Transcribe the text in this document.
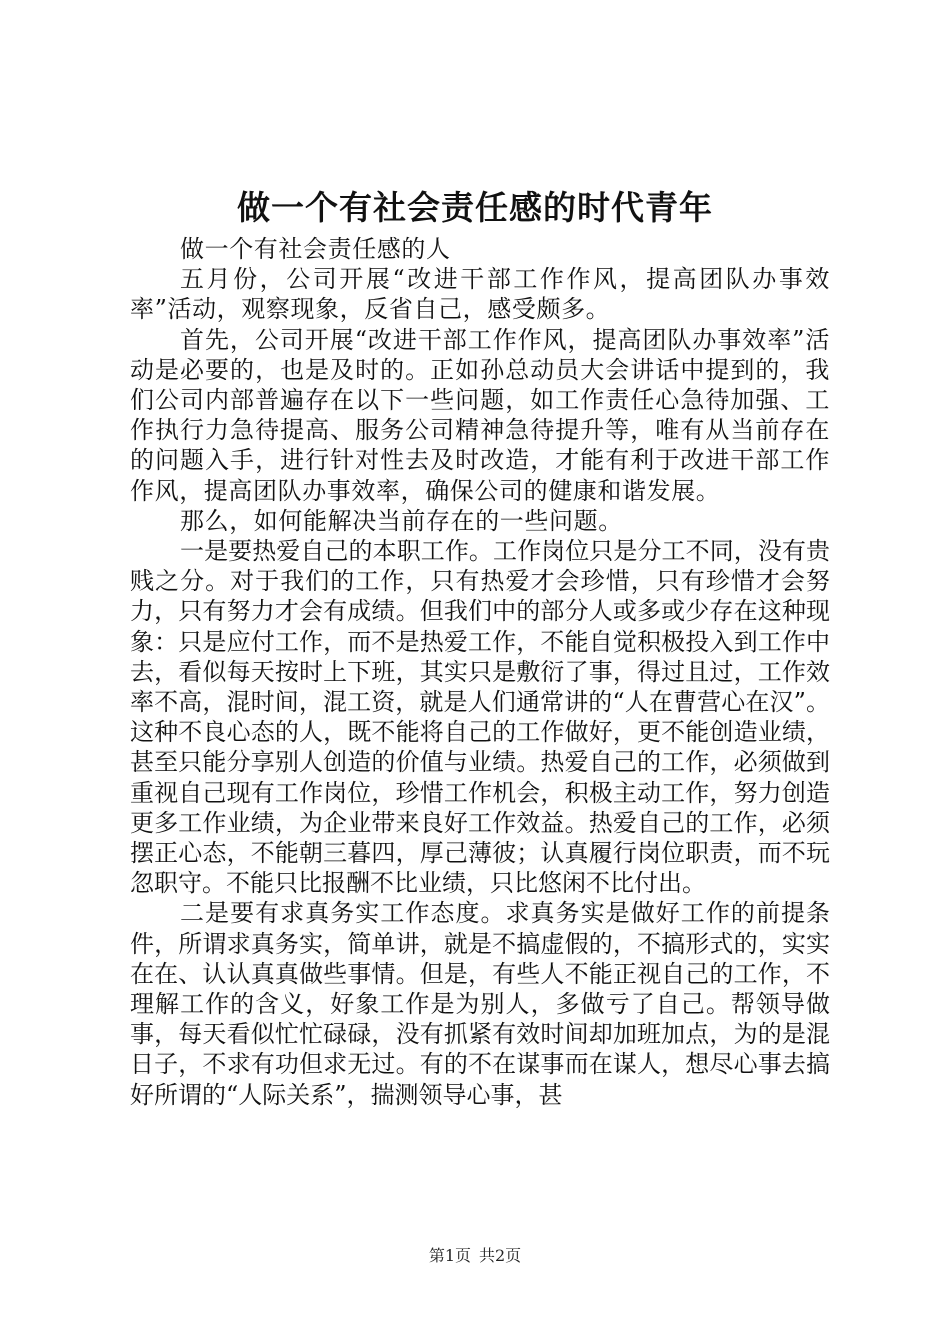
做一个有社会责任感的时代青年

做一个有社会责任感的人

五月份，公司开展“改进干部工作作风，提高团队办事效率”活动，观察现象，反省自己，感受颇多。

首先，公司开展“改进干部工作作风，提高团队办事效率”活动是必要的，也是及时的。正如孙总动员大会讲话中提到的，我们公司内部普遍存在以下一些问题，如工作责任心急待加强、工作执行力急待提高、服务公司精神急待提升等，唯有从当前存在的问题入手，进行针对性去及时改造，才能有利于改进干部工作作风，提高团队办事效率，确保公司的健康和谐发展。

那么，如何能解决当前存在的一些问题。

一是要热爱自己的本职工作。工作岗位只是分工不同，没有贵贱之分。对于我们的工作，只有热爱才会珍惜，只有珍惜才会努力，只有努力才会有成绩。但我们中的部分人或多或少存在这种现象：只是应付工作，而不是热爱工作，不能自觉积极投入到工作中去，看似每天按时上下班，其实只是敷衍了事，得过且过，工作效率不高，混时间，混工资，就是人们通常讲的“人在曹营心在汉”。这种不良心态的人，既不能将自己的工作做好，更不能创造业绩，甚至只能分享别人创造的价值与业绩。热爱自己的工作，必须做到重视自己现有工作岗位，珍惜工作机会，积极主动工作，努力创造更多工作业绩，为企业带来良好工作效益。热爱自己的工作，必须摆正心态，不能朝三暮四，厚己薄彼；认真履行岗位职责，而不玩忽职守。不能只比报酬不比业绩，只比悠闲不比付出。

二是要有求真务实工作态度。求真务实是做好工作的前提条件，所谓求真务实，简单讲，就是不搞虚假的，不搞形式的，实实在在、认认真真做些事情。但是，有些人不能正视自己的工作，不理解工作的含义，好象工作是为别人，多做亏了自己。帮领导做事，每天看似忙忙碌碌，没有抓紧有效时间却加班加点，为的是混日子，不求有功但求无过。有的不在谋事而在谋人，想尽心事去搞好所谓的“人际关系”，揣测领导心事，甚

第1页 共2页
